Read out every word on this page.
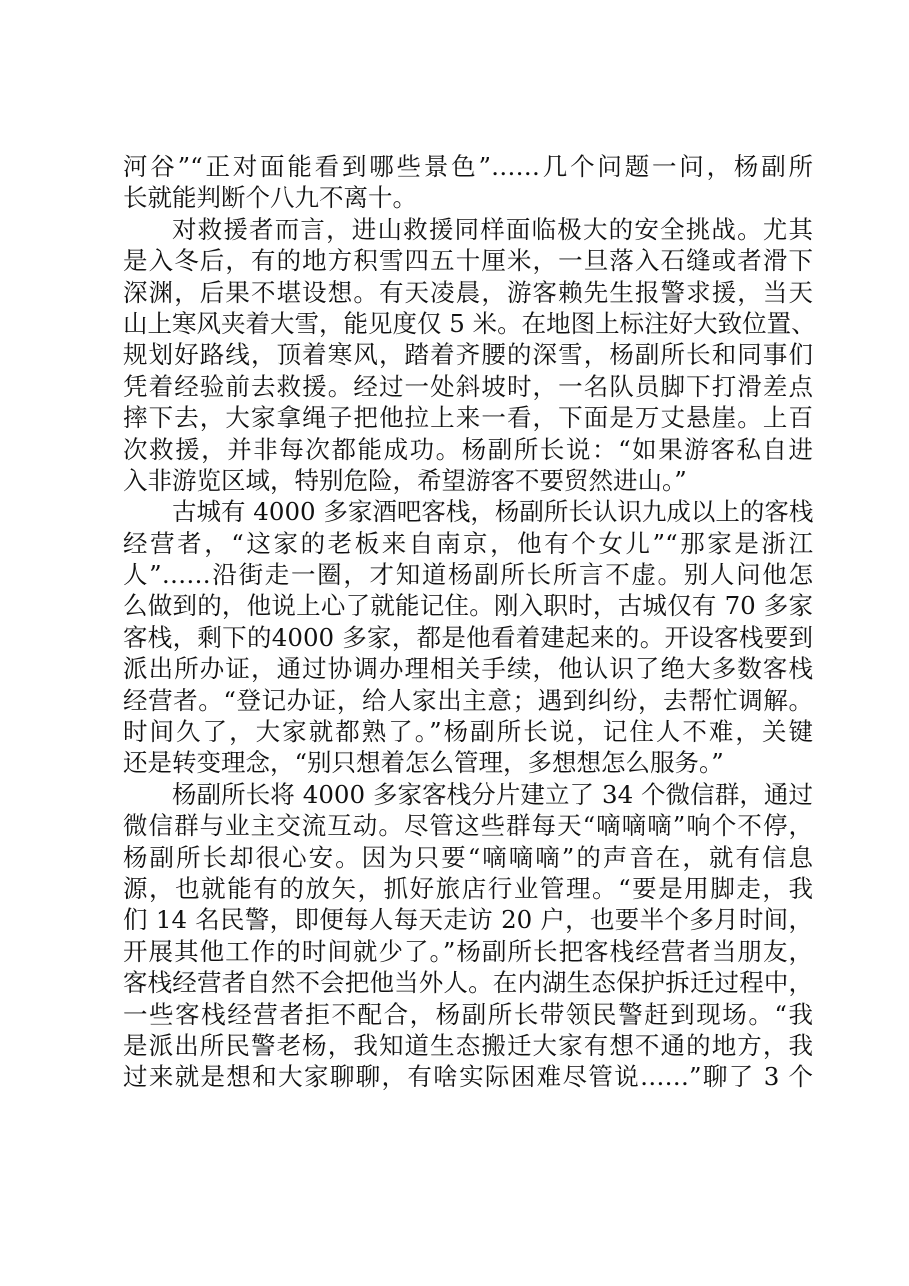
河谷”“正对面能看到哪些景色”……几个问题一问，杨副所
长就能判断个八九不离十。
对救援者而言，进山救援同样面临极大的安全挑战。尤其
是入冬后，有的地方积雪四五十厘米，一旦落入石缝或者滑下
深渊，后果不堪设想。有天凌晨，游客赖先生报警求援，当天
山上寒风夹着大雪，能见度仅 5 米。在地图上标注好大致位置、
规划好路线，顶着寒风，踏着齐腰的深雪，杨副所长和同事们
凭着经验前去救援。经过一处斜坡时，一名队员脚下打滑差点
摔下去，大家拿绳子把他拉上来一看，下面是万丈悬崖。上百
次救援，并非每次都能成功。杨副所长说：“如果游客私自进
入非游览区域，特别危险，希望游客不要贸然进山。”
古城有 4000 多家酒吧客栈，杨副所长认识九成以上的客栈
经营者，“这家的老板来自南京，他有个女儿”“那家是浙江
人”……沿街走一圈，才知道杨副所长所言不虚。别人问他怎
么做到的，他说上心了就能记住。刚入职时，古城仅有 70 多家
客栈，剩下的4000 多家，都是他看着建起来的。开设客栈要到
派出所办证，通过协调办理相关手续，他认识了绝大多数客栈
经营者。“登记办证，给人家出主意；遇到纠纷，去帮忙调解。
时间久了，大家就都熟了。”杨副所长说，记住人不难，关键
还是转变理念，“别只想着怎么管理，多想想怎么服务。”
杨副所长将 4000 多家客栈分片建立了 34 个微信群，通过
微信群与业主交流互动。尽管这些群每天“嘀嘀嘀”响个不停，
杨副所长却很心安。因为只要“嘀嘀嘀”的声音在，就有信息
源，也就能有的放矢，抓好旅店行业管理。“要是用脚走，我
们 14 名民警，即便每人每天走访 20 户，也要半个多月时间，
开展其他工作的时间就少了。”杨副所长把客栈经营者当朋友，
客栈经营者自然不会把他当外人。在内湖生态保护拆迁过程中，
一些客栈经营者拒不配合，杨副所长带领民警赶到现场。“我
是派出所民警老杨，我知道生态搬迁大家有想不通的地方，我
过来就是想和大家聊聊，有啥实际困难尽管说……”聊了 3 个
